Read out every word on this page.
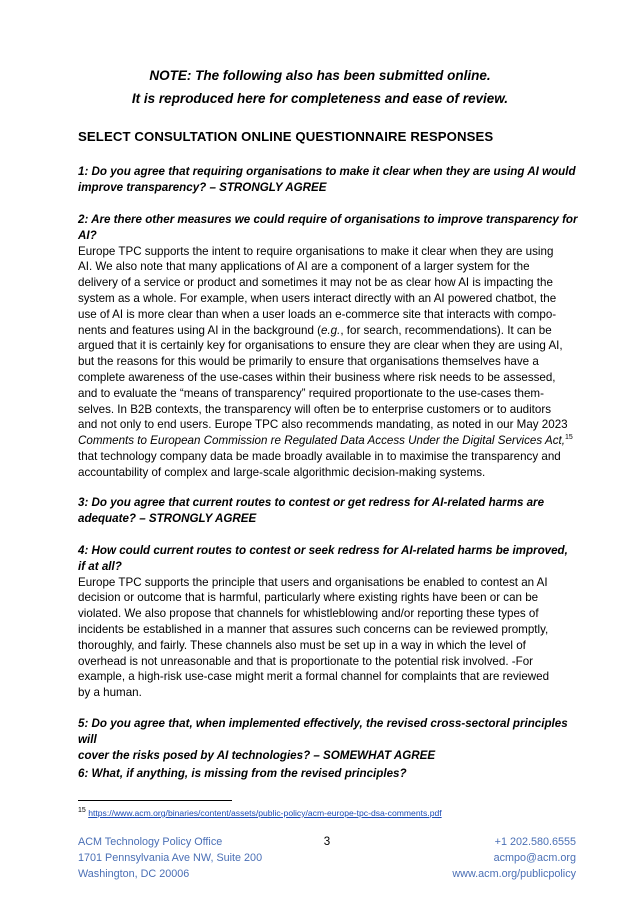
NOTE: The following also has been submitted online.
It is reproduced here for completeness and ease of review.
SELECT CONSULTATION ONLINE QUESTIONNAIRE RESPONSES
1: Do you agree that requiring organisations to make it clear when they are using AI would
improve transparency? – STRONGLY AGREE
2: Are there other measures we could require of organisations to improve transparency for
AI?
Europe TPC supports the intent to require organisations to make it clear when they are using
AI. We also note that many applications of AI are a component of a larger system for the
delivery of a service or product and sometimes it may not be as clear how AI is impacting the
system as a whole. For example, when users interact directly with an AI powered chatbot, the
use of AI is more clear than when a user loads an e-commerce site that interacts with compo-
nents and features using AI in the background (e.g., for search, recommendations). It can be
argued that it is certainly key for organisations to ensure they are clear when they are using AI,
but the reasons for this would be primarily to ensure that organisations themselves have a
complete awareness of the use-cases within their business where risk needs to be assessed,
and to evaluate the “means of transparency” required proportionate to the use-cases them-
selves. In B2B contexts, the transparency will often be to enterprise customers or to auditors
and not only to end users. Europe TPC also recommends mandating, as noted in our May 2023
Comments to European Commission re Regulated Data Access Under the Digital Services Act,$^{15}$
that technology company data be made broadly available in to maximise the transparency and
accountability of complex and large-scale algorithmic decision-making systems.
3: Do you agree that current routes to contest or get redress for AI-related harms are
adequate? – STRONGLY AGREE
4: How could current routes to contest or seek redress for AI-related harms be improved,
if at all?
Europe TPC supports the principle that users and organisations be enabled to contest an AI
decision or outcome that is harmful, particularly where existing rights have been or can be
violated. We also propose that channels for whistleblowing and/or reporting these types of
incidents be established in a manner that assures such concerns can be reviewed promptly,
thoroughly, and fairly. These channels also must be set up in a way in which the level of
overhead is not unreasonable and that is proportionate to the potential risk involved. -For
example, a high-risk use-case might merit a formal channel for complaints that are reviewed
by a human.
5: Do you agree that, when implemented effectively, the revised cross-sectoral principles will
cover the risks posed by AI technologies? – SOMEWHAT AGREE
6: What, if anything, is missing from the revised principles?
$^{15}$ https://www.acm.org/binaries/content/assets/public-policy/acm-europe-tpc-dsa-comments.pdf
ACM Technology Policy Office
1701 Pennsylvania Ave NW, Suite 200
Washington, DC 20006
3	+1 202.580.6555
acmpo@acm.org
www.acm.org/publicpolicy
